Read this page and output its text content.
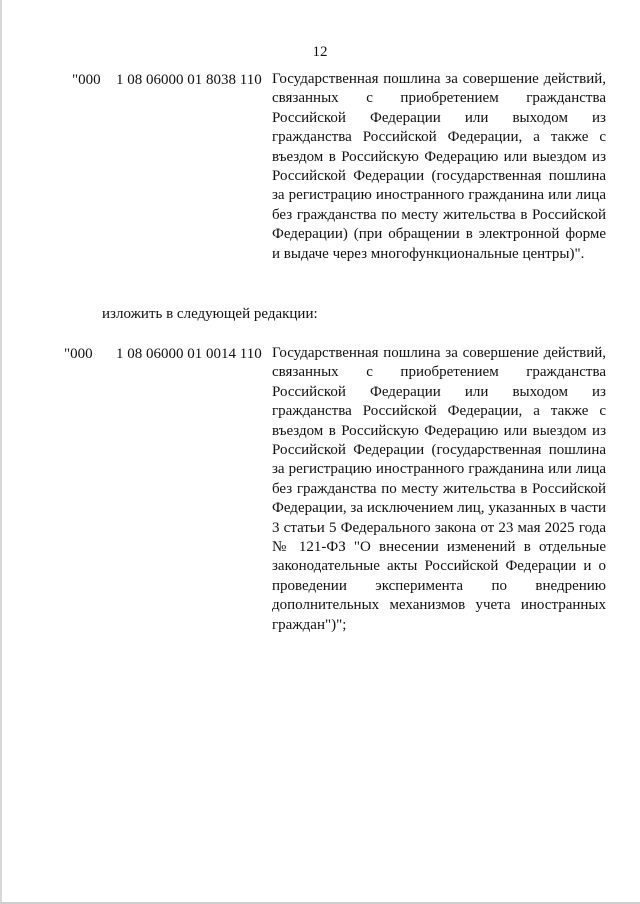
12
"000 1 08 06000 01 8038 110 Государственная пошлина за совершение действий, связанных с приобретением гражданства Российской Федерации или выходом из гражданства Российской Федерации, а также с въездом в Российскую Федерацию или выездом из Российской Федерации (государственная пошлина за регистрацию иностранного гражданина или лица без гражданства по месту жительства в Российской Федерации) (при обращении в электронной форме и выдаче через многофункциональные центры)".

изложить в следующей редакции:
"000 1 08 06000 01 0014 110 Государственная пошлина за совершение действий, связанных с приобретением гражданства Российской Федерации или выходом из гражданства Российской Федерации, а также с въездом в Российскую Федерацию или выездом из Российской Федерации (государственная пошлина за регистрацию иностранного гражданина или лица без гражданства по месту жительства в Российской Федерации, за исключением лиц, указанных в части 3 статьи 5 Федерального закона от 23 мая 2025 года № 121-ФЗ "О внесении изменений в отдельные законодательные акты Российской Федерации и о проведении эксперимента по внедрению дополнительных механизмов учета иностранных граждан")";
